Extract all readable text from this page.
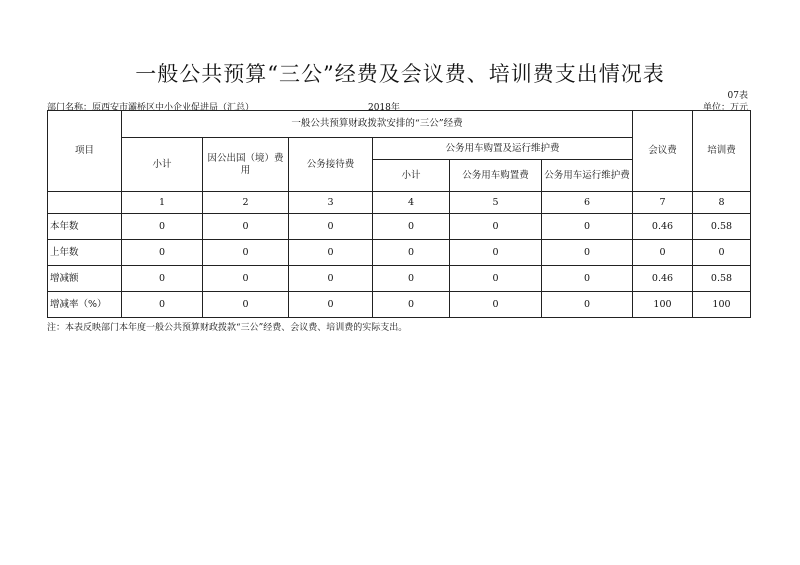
一般公共预算“三公”经费及会议费、培训费支出情况表
07表
部门名称：原西安市灞桥区中小企业促进局（汇总）	2018年	单位：万元
项目	一般公共预算财政拨款安排的“三公”经费						会议费	培训费
	小计	因公出国（境）费用	公务接待费	公务用车购置及运行维护费				
				小计	公务用车购置费	公务用车运行维护费		
	1	2	3	4	5	6	7	8
本年数	0	0	0	0	0	0	0.46	0.58
上年数	0	0	0	0	0	0	0	0
增减额	0	0	0	0	0	0	0.46	0.58
增减率（%）	0	0	0	0	0	0	100	100
注：本表反映部门本年度一般公共预算财政拨款“三公”经费、会议费、培训费的实际支出。
